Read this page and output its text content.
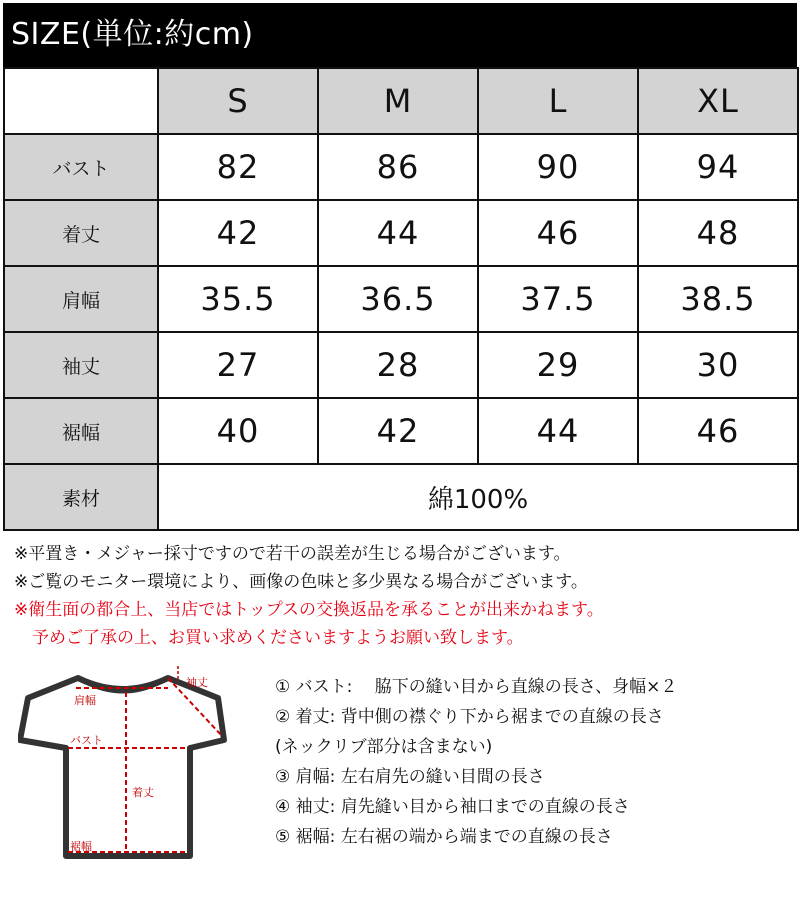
SIZE(単位:約cm)
	S	M	L	XL
バスト	82	86	90	94
着丈	42	44	46	48
肩幅	35.5	36.5	37.5	38.5
袖丈	27	28	29	30
裾幅	40	42	44	46
素材	綿100%			
※平置き・メジャー採寸ですので若干の誤差が生じる場合がございます。
※ご覧のモニター環境により、画像の色味と多少異なる場合がございます。
※衛生面の都合上、当店ではトップスの交換返品を承ることが出来かねます。
予めご了承の上、お買い求めくださいますようお願い致します。
袖丈
肩幅
バスト
着丈
裾幅
① バスト:　 脇下の縫い目から直線の長さ、身幅×２
② 着丈: 背中側の襟ぐり下から裾までの直線の長さ
(ネックリブ部分は含まない)
③ 肩幅: 左右肩先の縫い目間の長さ
④ 袖丈: 肩先縫い目から袖口までの直線の長さ
⑤ 裾幅: 左右裾の端から端までの直線の長さ
